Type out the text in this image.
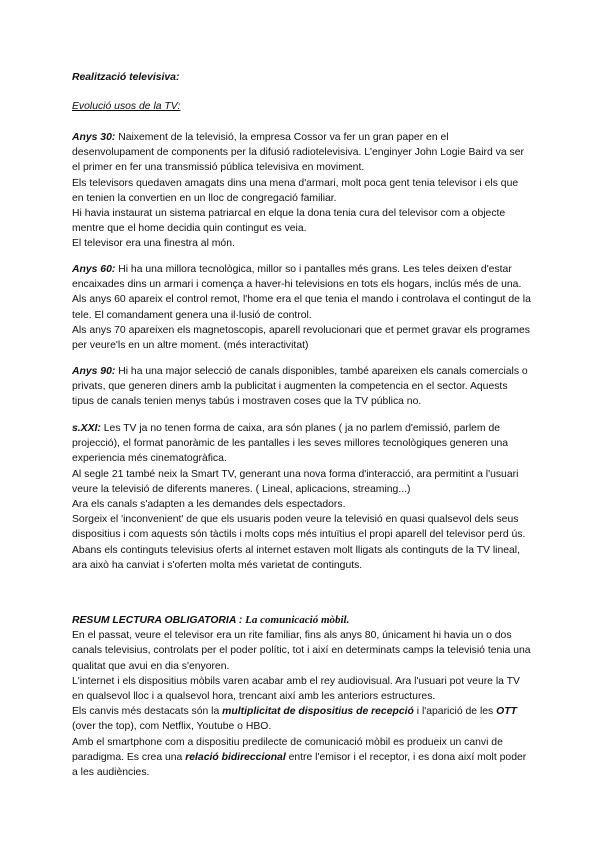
Realització televisiva:

Evolució usos de la TV:

Anys 30: Naixement de la televisió, la empresa Cossor va fer un gran paper en el desenvolupament de components per la difusió radiotelevisiva. L'enginyer John Logie Baird va ser el primer en fer una transmissió pública televisiva en moviment.

Els televisors quedaven amagats dins una mena d'armari, molt poca gent tenia televisor i els que en tenien la convertien en un lloc de congregació familiar.

Hi havia instaurat un sistema patriarcal en elque la dona tenia cura del televisor com a objecte mentre que el home decidia quin contingut es veia.

El televisor era una finestra al món.

Anys 60: Hi ha una millora tecnològica, millor so i pantalles més grans. Les teles deixen d'estar encaixades dins un armari i comença a haver-hi televisions en tots els hogars, inclús més de una. Als anys 60 apareix el control remot, l'home era el que tenia el mando i controlava el contingut de la tele. El comandament genera una il·lusió de control.

Als anys 70 apareixen els magnetoscopis, aparell revolucionari que et permet gravar els programes per veure'ls en un altre moment. (més interactivitat)

Anys 90: Hi ha una major selecció de canals disponibles, també apareixen els canals comercials o privats, que generen diners amb la publicitat i augmenten la competencia en el sector. Aquests tipus de canals tenien menys tabús i mostraven coses que la TV pública no.

s.XXI: Les TV ja no tenen forma de caixa, ara són planes ( ja no parlem d'emissió, parlem de projecció), el format panoràmic de les pantalles i les seves millores tecnològiques generen una experiencia més cinematogràfica.

Al segle 21 també neix la Smart TV, generant una nova forma d'interacció, ara permitint a l'usuari veure la televisió de diferents maneres. ( Lineal, aplicacions, streaming...)

Ara els canals s'adapten a les demandes dels espectadors.

Sorgeix el 'inconvenient' de que els usuaris poden veure la televisió en quasi qualsevol dels seus dispositius i com aquests són tàctils i molts cops més intuïtius el propi aparell del televisor perd ús.

Abans els continguts televisius oferts al internet estaven molt lligats als continguts de la TV lineal, ara això ha canviat i s'oferten molta més varietat de continguts.

RESUM LECTURA OBLIGATORIA : La comunicació mòbil.

En el passat, veure el televisor era un rite familiar, fins als anys 80, únicament hi havia un o dos canals televisius, controlats per el poder polític, tot i així en determinats camps la televisió tenia una qualitat que avui en dia s'enyoren.

L'internet i els dispositius mòbils varen acabar amb el rey audiovisual. Ara l'usuari pot veure la TV en qualsevol lloc i a qualsevol hora, trencant així amb les anteriors estructures.

Els canvis més destacats són la multiplicitat de dispositius de recepció i l'aparició de les OTT (over the top), com Netflix, Youtube o HBO.

Amb el smartphone com a dispositiu predilecte de comunicació mòbil es produeix un canvi de paradigma. Es crea una relació bidireccional entre l'emisor i el receptor, i es dona així molt poder a les audiències.
